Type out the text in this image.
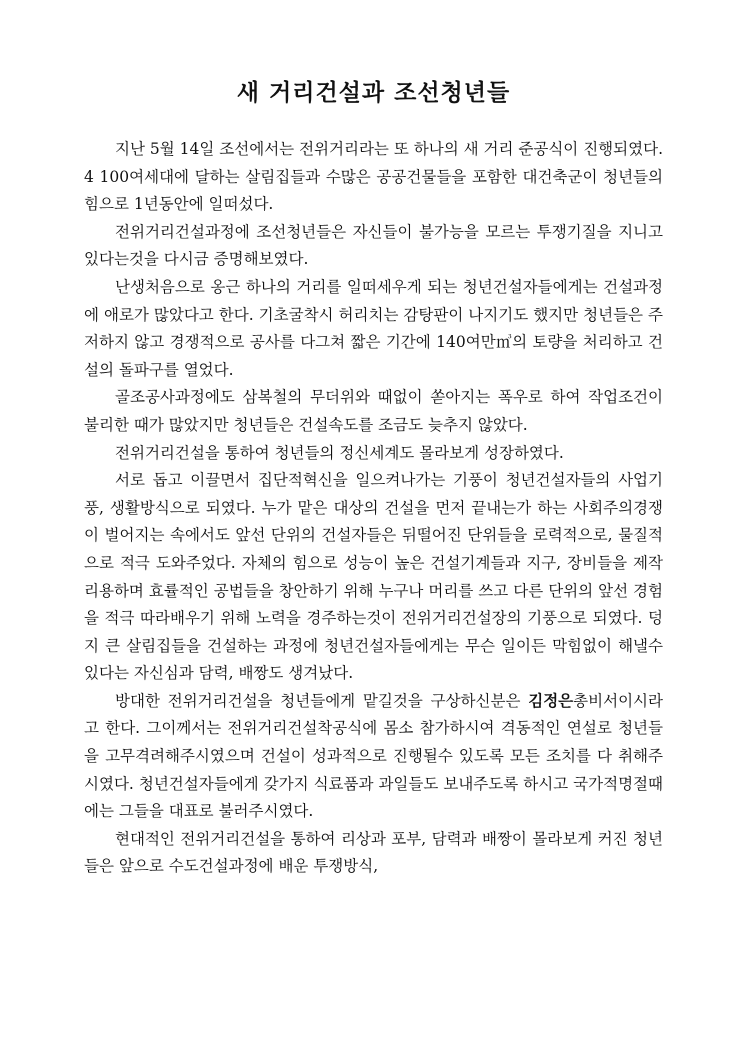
새 거리건설과 조선청년들

지난 5월 14일 조선에서는 전위거리라는 또 하나의 새 거리 준공식이 진행되였다. 4 100여세대에 달하는 살림집들과 수많은 공공건물들을 포함한 대건축군이 청년들의 힘으로 1년동안에 일떠섰다.

전위거리건설과정에 조선청년들은 자신들이 불가능을 모르는 투쟁기질을 지니고있다는것을 다시금 증명해보였다.

난생처음으로 옹근 하나의 거리를 일떠세우게 되는 청년건설자들에게는 건설과정에 애로가 많았다고 한다. 기초굴착시 허리치는 감탕판이 나지기도 했지만 청년들은 주저하지 않고 경쟁적으로 공사를 다그쳐 짧은 기간에 140여만㎥의 토량을 처리하고 건설의 돌파구를 열었다.

골조공사과정에도 삼복철의 무더위와 때없이 쏟아지는 폭우로 하여 작업조건이 불리한 때가 많았지만 청년들은 건설속도를 조금도 늦추지 않았다.

전위거리건설을 통하여 청년들의 정신세계도 몰라보게 성장하였다.

서로 돕고 이끌면서 집단적혁신을 일으켜나가는 기풍이 청년건설자들의 사업기풍, 생활방식으로 되였다. 누가 맡은 대상의 건설을 먼저 끝내는가 하는 사회주의경쟁이 벌어지는 속에서도 앞선 단위의 건설자들은 뒤떨어진 단위들을 로력적으로, 물질적으로 적극 도와주었다. 자체의 힘으로 성능이 높은 건설기계들과 지구, 장비들을 제작리용하며 효률적인 공법들을 창안하기 위해 누구나 머리를 쓰고 다른 단위의 앞선 경험을 적극 따라배우기 위해 노력을 경주하는것이 전위거리건설장의 기풍으로 되였다. 덩지 큰 살림집들을 건설하는 과정에 청년건설자들에게는 무슨 일이든 막힘없이 해낼수 있다는 자신심과 담력, 배짱도 생겨났다.

방대한 전위거리건설을 청년들에게 맡길것을 구상하신분은 김정은총비서이시라고 한다. 그이께서는 전위거리건설착공식에 몸소 참가하시여 격동적인 연설로 청년들을 고무격려해주시였으며 건설이 성과적으로 진행될수 있도록 모든 조치를 다 취해주시였다. 청년건설자들에게 갖가지 식료품과 과일들도 보내주도록 하시고 국가적명절때에는 그들을 대표로 불러주시였다.

현대적인 전위거리건설을 통하여 리상과 포부, 담력과 배짱이 몰라보게 커진 청년들은 앞으로 수도건설과정에 배운 투쟁방식,
